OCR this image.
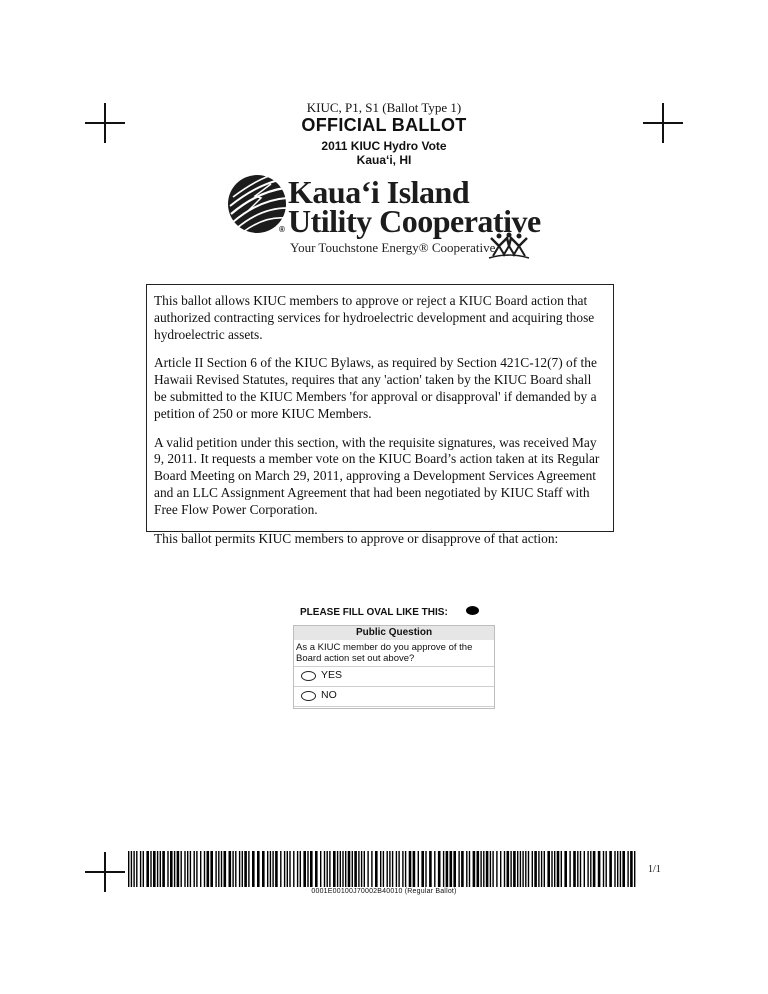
KIUC, P1, S1 (Ballot Type 1)
OFFICIAL BALLOT
2011 KIUC Hydro Vote
Kaua‘i, HI
Kaua‘i Island
Utility Cooperative
®
Your Touchstone Energy® Cooperative

This ballot allows KIUC members to approve or reject a KIUC Board action that authorized contracting services for hydroelectric development and acquiring those hydroelectric assets.

Article II Section 6 of the KIUC Bylaws, as required by Section 421C-12(7) of the Hawaii Revised Statutes, requires that any 'action' taken by the KIUC Board shall be submitted to the KIUC Members 'for approval or disapproval' if demanded by a petition of 250 or more KIUC Members.

A valid petition under this section, with the requisite signatures, was received May 9, 2011. It requests a member vote on the KIUC Board’s action taken at its Regular Board Meeting on March 29, 2011, approving a Development Services Agreement and an LLC Assignment Agreement that had been negotiated by KIUC Staff with Free Flow Power Corporation.

This ballot permits KIUC members to approve or disapprove of that action:

PLEASE FILL OVAL LIKE THIS:
Public Question
As a KIUC member do you approve of the Board action set out above?
YES
NO
0001E00100J70002B40010 (Regular Ballot)
1/1
